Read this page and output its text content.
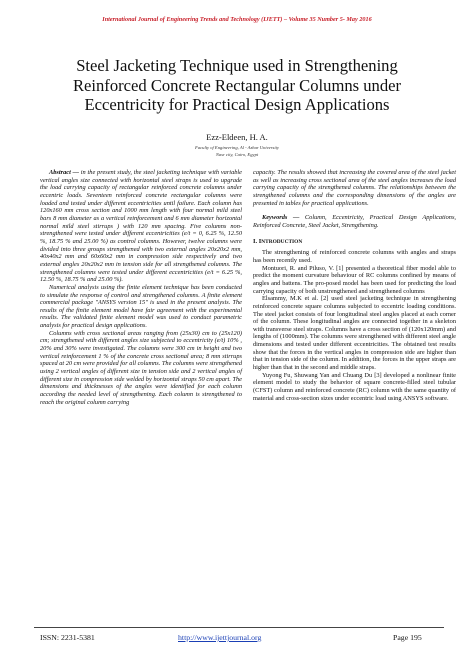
International Journal of Engineering Trends and Technology (IJETT) – Volume 35 Number 5- May 2016
Steel Jacketing Technique used in Strengthening Reinforced Concrete Rectangular Columns under Eccentricity for Practical Design Applications
Ezz-Eldeen, H. A.
Faculty of Engineering, Al - Azhar University
Nasr city, Cairo, Egypt

Abstract — in the present study, the steel jacketing technique with variable vertical angles size connected with horizontal steel straps is used to upgrade the load carrying capacity of rectangular reinforced concrete columns under eccentric loads. Seventeen reinforced concrete rectangular columns were loaded and tested under different eccentricities until failure. Each column has 120x160 mm cross section and 1000 mm length with four normal mild steel bars 8 mm diameter as a vertical reinforcement and 6 mm diameter horizontal normal mild steel stirrups ) with 120 mm spacing. Five columns non-strengthened were tested under different eccentricities (e/t = 0, 6.25 %, 12.50 %, 18.75 % and 25.00 %) as control columns. However, twelve columns were divided into three groups strengthened with two external angles 20x20x2 mm, 40x40x2 mm and 60x60x2 mm in compression side respectively and two external angles 20x20x2 mm in tension side for all strengthened columns. The strengthened columns were tested under different eccentricities (e/t = 6.25 %, 12.50 %, 18.75 % and 25.00 %).

Numerical analysis using the finite element technique has been conducted to simulate the response of control and strengthened columns. A finite element commercial package "ANSYS version 15" is used in the present analysis. The results of the finite element model have fair agreement with the experimental results. The validated finite element model was used to conduct parametric analysis for practical design applications.

Columns with cross sectional areas ranging from (25x30) cm to (25x120) cm; strengthened with different angles size subjected to eccentricity (e/t) 10% , 20% and 30% were investigated. The columns were 300 cm in height and two vertical reinforcement 1 % of the concrete cross sectional area; 8 mm stirrups spaced at 20 cm were provided for all columns. The columns were strengthened using 2 vertical angles of different size in tension side and 2 vertical angles of different size in compression side welded by horizontal straps 50 cm apart. The dimensions and thicknesses of the angles were identified for each column according the needed level of strengthening. Each column is strengthened to reach the original column carrying

capacity. The results showed that increasing the covered area of the steel jacket as well as increasing cross sectional area of the steel angles increases the load carrying capacity of the strengthened columns. The relationships between the strengthened columns and the corresponding dimensions of the angles are presented in tables for practical applications.

Keywords — Column, Eccentricity, Practical Design Applications, Reinforced Concrete, Steel Jacket, Strengthening.

I. INTRODUCTION

The strengthening of reinforced concrete columns with angles and straps has been recently used.

Montuori, R. and Piluso, V. [1] presented a theoretical fiber model able to predict the moment curvature behaviour of RC columns confined by means of angles and battens. The pro-posed model has been used for predicting the load carrying capacity of both unstrengthened and strengthened columns

Elsammy, M.K et al. [2] used steel jacketing technique in strengthening reinforced concrete square columns subjected to eccentric loading conditions. The steel jacket consists of four longitudinal steel angles placed at each corner of the column. These longitudinal angles are connected together in a skeleton with transverse steel straps. Columns have a cross section of (120x120mm) and lengths of (1000mm). The columns were strengthened with different steel angle dimensions and tested under different eccentricities. The obtained test results show that the forces in the vertical angles in compression side are higher than that in tension side of the column. In addition, the forces in the upper straps are higher than that in the second and middle straps.

Yuyong Fu, Shuwang Yan and Chuang Du [3] developed a nonlinear finite element model to study the behavior of square concrete-filled steel tubular (CFST) column and reinforced concrete (RC) column with the same quantity of material and cross-section sizes under eccentric load using ANSYS software.

ISSN: 2231-5381	http://www.ijettjournal.org	Page 195
